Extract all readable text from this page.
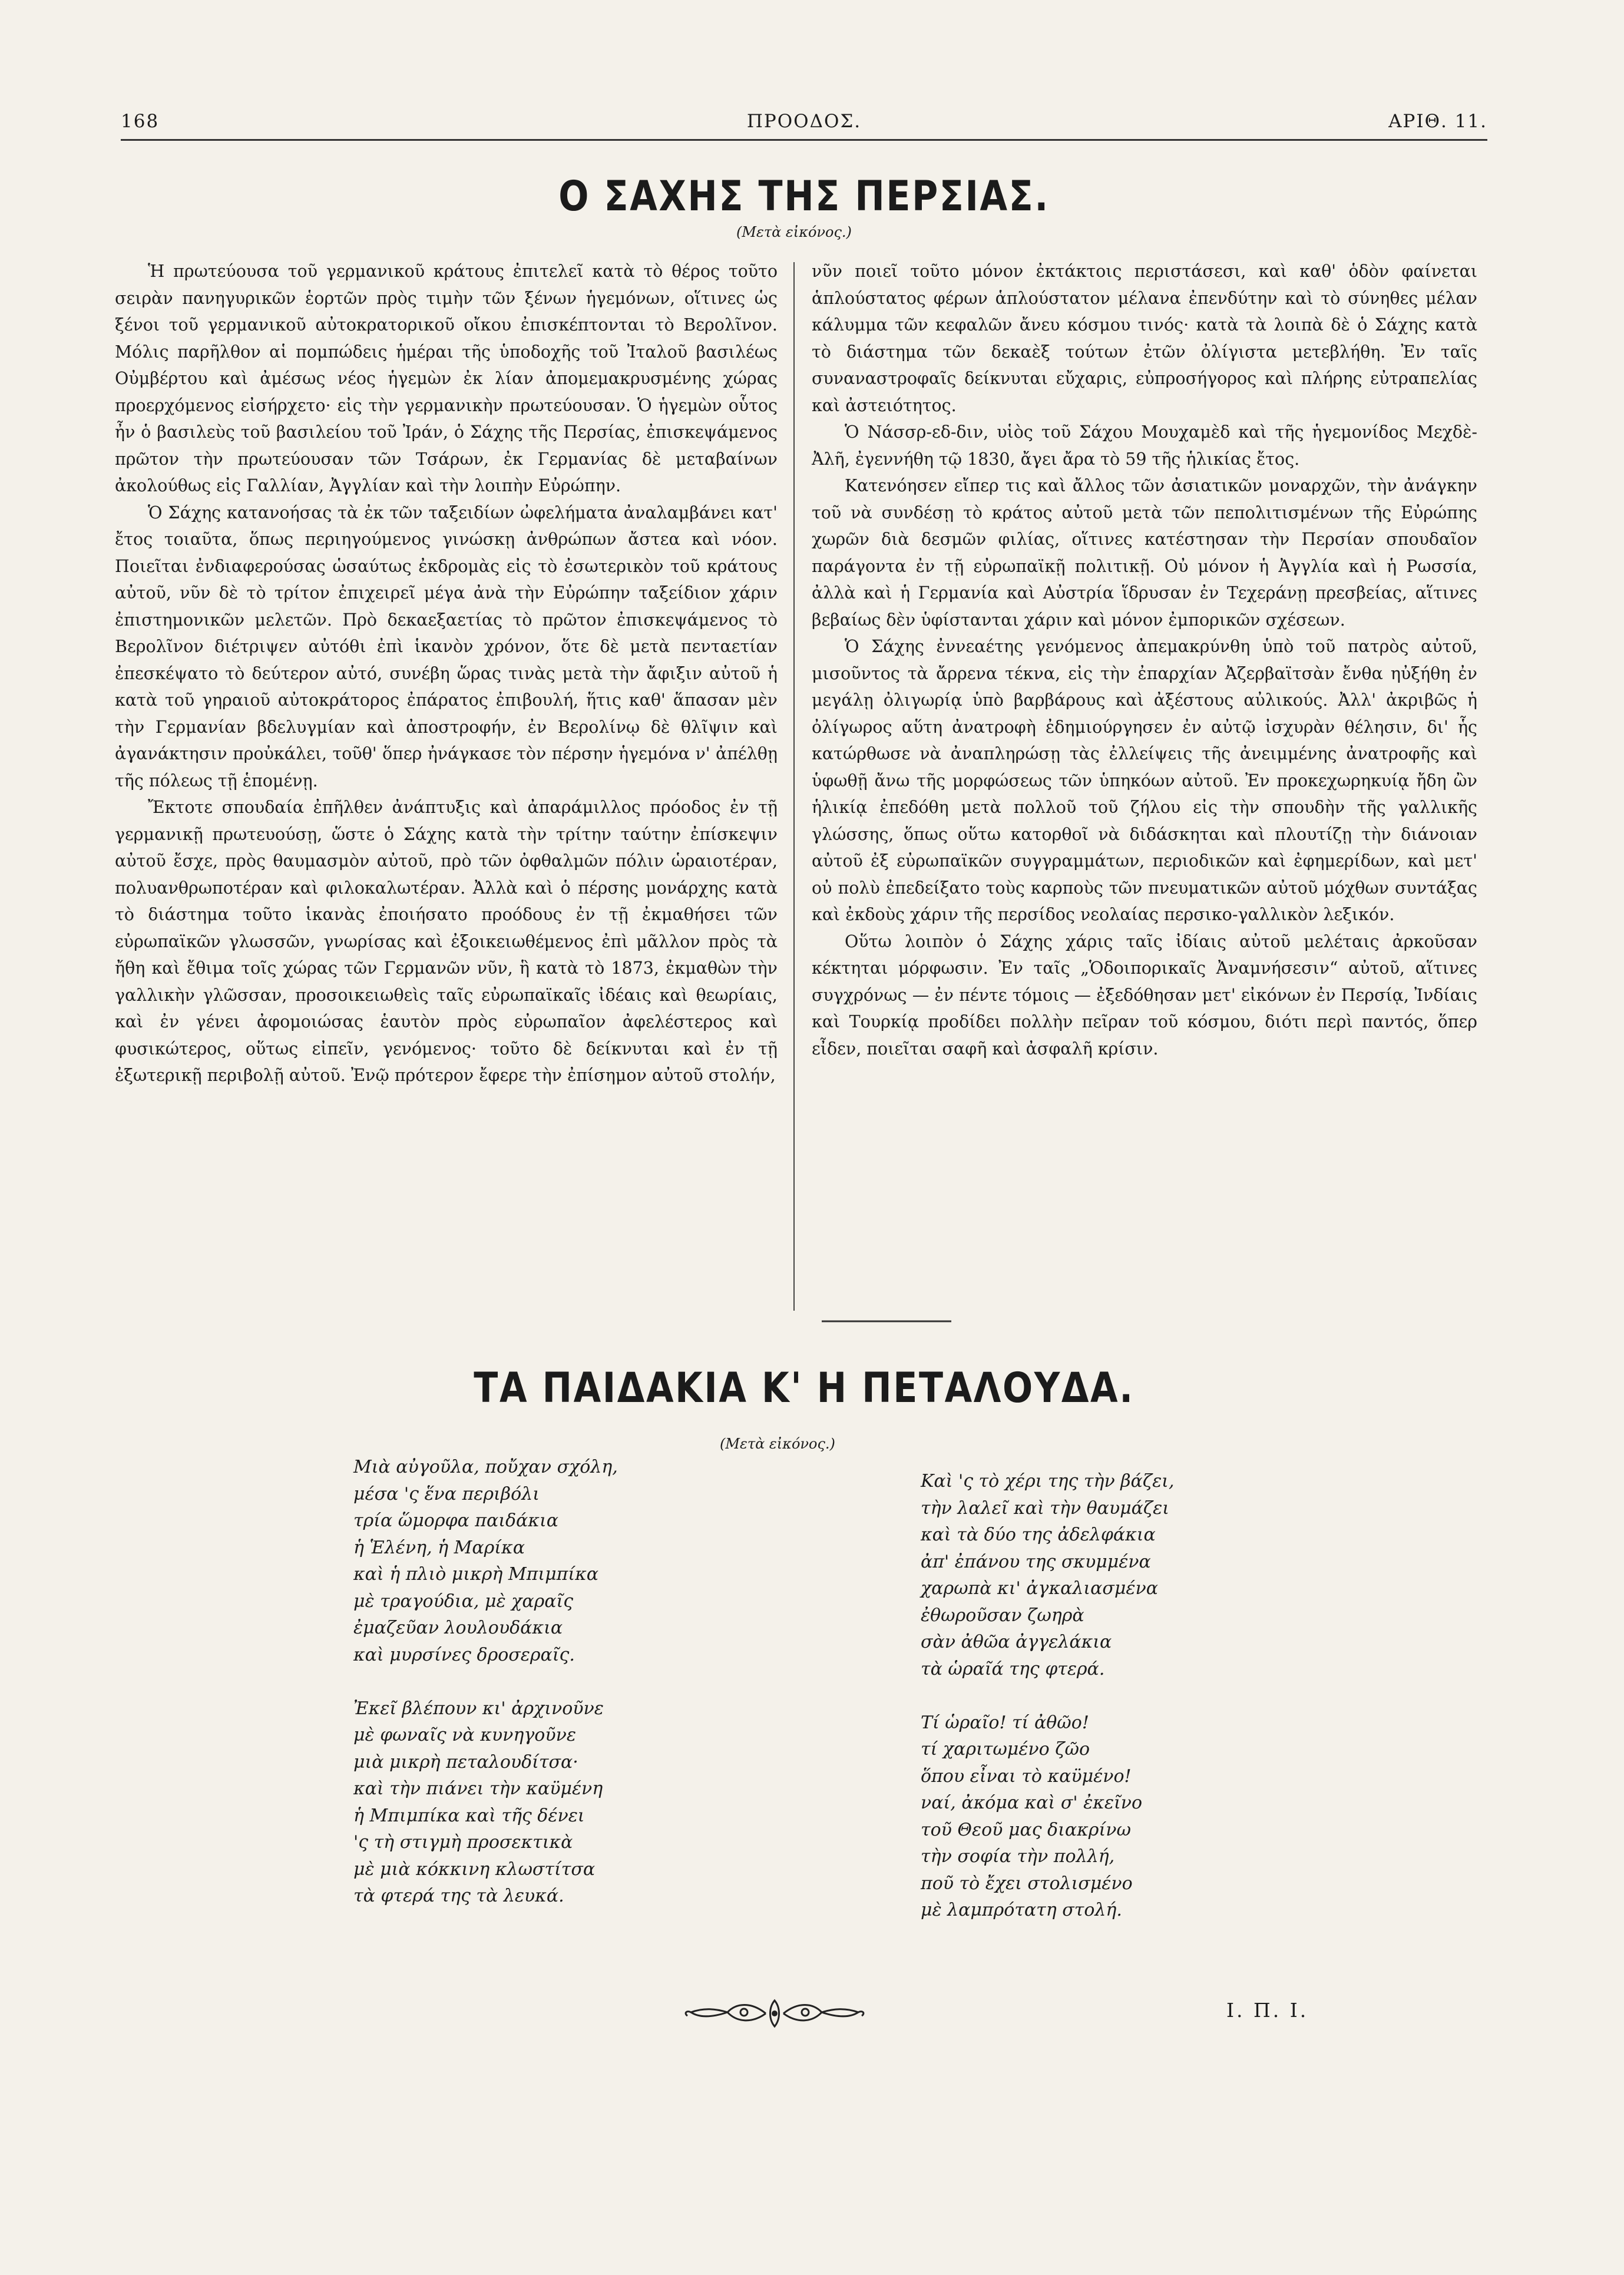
168	ΠΡΟΟΔΟΣ.	ΑΡΙΘ. 11.
Ο ΣΑΧΗΣ ΤΗΣ ΠΕΡΣΙΑΣ.
(Μετὰ εἰκόνος.)

Ἡ πρωτεύουσα τοῦ γερμανικοῦ κράτους ἐπιτελεῖ κατὰ τὸ θέρος τοῦτο σειρὰν πανηγυρικῶν ἑορτῶν πρὸς τιμὴν τῶν ξένων ἡγεμόνων, οἵτινες ὡς ξένοι τοῦ γερμανικοῦ αὐτοκρατορικοῦ οἴκου ἐπισκέπτονται τὸ Βερολῖνον. Μόλις παρῆλθον αἱ πομπώδεις ἡμέραι τῆς ὑποδοχῆς τοῦ Ἰταλοῦ βασιλέως Οὐμβέρτου καὶ ἀμέσως νέος ἡγεμὼν ἐκ λίαν ἀπομεμακρυσμένης χώρας προερχόμενος εἰσήρχετο· εἰς τὴν γερμανικὴν πρωτεύουσαν. Ὁ ἡγεμὼν οὗτος ἦν ὁ βασιλεὺς τοῦ βασιλείου τοῦ Ἰράν, ὁ Σάχης τῆς Περσίας, ἐπισκεψάμενος πρῶτον τὴν πρωτεύουσαν τῶν Τσάρων, ἐκ Γερμανίας δὲ μεταβαίνων ἀκολούθως εἰς Γαλλίαν, Ἀγγλίαν καὶ τὴν λοιπὴν Εὐρώπην.

Ὁ Σάχης κατανοήσας τὰ ἐκ τῶν ταξειδίων ὠφελήματα ἀναλαμβάνει κατ' ἔτος τοιαῦτα, ὅπως περιηγούμενος γινώσκῃ ἀνθρώπων ἄστεα καὶ νόον. Ποιεῖται ἐνδιαφερούσας ὡσαύτως ἐκδρομὰς εἰς τὸ ἐσωτερικὸν τοῦ κράτους αὐτοῦ, νῦν δὲ τὸ τρίτον ἐπιχειρεῖ μέγα ἀνὰ τὴν Εὐρώπην ταξείδιον χάριν ἐπιστημονικῶν μελετῶν. Πρὸ δεκαεξαετίας τὸ πρῶτον ἐπισκεψάμενος τὸ Βερολῖνον διέτριψεν αὐτόθι ἐπὶ ἱκανὸν χρόνον, ὅτε δὲ μετὰ πενταετίαν ἐπεσκέψατο τὸ δεύτερον αὐτό, συνέβη ὥρας τινὰς μετὰ τὴν ἄφιξιν αὐτοῦ ἡ κατὰ τοῦ γηραιοῦ αὐτοκράτορος ἐπάρατος ἐπιβουλή, ἥτις καθ' ἅπασαν μὲν τὴν Γερμανίαν βδελυγμίαν καὶ ἀποστροφήν, ἐν Βερολίνῳ δὲ θλῖψιν καὶ ἀγανάκτησιν προὐκάλει, τοῦθ' ὅπερ ἠνάγκασε τὸν πέρσην ἡγεμόνα ν' ἀπέλθῃ τῆς πόλεως τῇ ἑπομένῃ.

Ἔκτοτε σπουδαία ἐπῆλθεν ἀνάπτυξις καὶ ἀπαράμιλλος πρόοδος ἐν τῇ γερμανικῇ πρωτευούσῃ, ὥστε ὁ Σάχης κατὰ τὴν τρίτην ταύτην ἐπίσκεψιν αὐτοῦ ἔσχε, πρὸς θαυμασμὸν αὐτοῦ, πρὸ τῶν ὀφθαλμῶν πόλιν ὡραιοτέραν, πολυανθρωποτέραν καὶ φιλοκαλωτέραν. Ἀλλὰ καὶ ὁ πέρσης μονάρχης κατὰ τὸ διάστημα τοῦτο ἱκανὰς ἐποιήσατο προόδους ἐν τῇ ἐκμαθήσει τῶν εὐρωπαϊκῶν γλωσσῶν, γνωρίσας καὶ ἐξοικειωθέμενος ἐπὶ μᾶλλον πρὸς τὰ ἤθη καὶ ἔθιμα τοῖς χώρας τῶν Γερμανῶν νῦν, ἣ κατὰ τὸ 1873, ἐκμαθὼν τὴν γαλλικὴν γλῶσσαν, προσοικειωθεὶς ταῖς εὐρωπαϊκαῖς ἰδέαις καὶ θεωρίαις, καὶ ἐν γένει ἀφομοιώσας ἑαυτὸν πρὸς εὐρωπαῖον ἀφελέστερος καὶ φυσικώτερος, οὕτως εἰπεῖν, γενόμενος· τοῦτο δὲ δείκνυται καὶ ἐν τῇ ἐξωτερικῇ περιβολῇ αὐτοῦ. Ἐνῷ πρότερον ἔφερε τὴν ἐπίσημον αὐτοῦ στολήν,

νῦν ποιεῖ τοῦτο μόνον ἐκτάκτοις περιστάσεσι, καὶ καθ' ὁδὸν φαίνεται ἁπλούστατος φέρων ἁπλούστατον μέλανα ἐπενδύτην καὶ τὸ σύνηθες μέλαν κάλυμμα τῶν κεφαλῶν ἄνευ κόσμου τινός· κατὰ τὰ λοιπὰ δὲ ὁ Σάχης κατὰ τὸ διάστημα τῶν δεκαὲξ τούτων ἐτῶν ὀλίγιστα μετεβλήθη. Ἐν ταῖς συναναστροφαῖς δείκνυται εὔχαρις, εὐπροσήγορος καὶ πλήρης εὐτραπελίας καὶ ἀστειότητος.

Ὁ Νάσσρ-εδ-διν, υἱὸς τοῦ Σάχου Μουχαμὲδ καὶ τῆς ἡγεμονίδος Μεχδὲ-Ἀλῆ, ἐγεννήθη τῷ 1830, ἄγει ἄρα τὸ 59 τῆς ἡλικίας ἔτος.

Κατενόησεν εἴπερ τις καὶ ἄλλος τῶν ἀσιατικῶν μοναρχῶν, τὴν ἀνάγκην τοῦ νὰ συνδέσῃ τὸ κράτος αὐτοῦ μετὰ τῶν πεπολιτισμένων τῆς Εὐρώπης χωρῶν διὰ δεσμῶν φιλίας, οἵτινες κατέστησαν τὴν Περσίαν σπουδαῖον παράγοντα ἐν τῇ εὐρωπαϊκῇ πολιτικῇ. Οὐ μόνον ἡ Ἀγγλία καὶ ἡ Ρωσσία, ἀλλὰ καὶ ἡ Γερμανία καὶ Αὐστρία ἵδρυσαν ἐν Τεχεράνῃ πρεσβείας, αἵτινες βεβαίως δὲν ὑφίστανται χάριν καὶ μόνον ἐμπορικῶν σχέσεων.

Ὁ Σάχης ἐννεαέτης γενόμενος ἀπεμακρύνθη ὑπὸ τοῦ πατρὸς αὐτοῦ, μισοῦντος τὰ ἄρρενα τέκνα, εἰς τὴν ἐπαρχίαν Ἀζερβαϊτσὰν ἔνθα ηὐξήθη ἐν μεγάλῃ ὀλιγωρίᾳ ὑπὸ βαρβάρους καὶ ἀξέστους αὐλικούς. Ἀλλ' ἀκριβῶς ἡ ὀλίγωρος αὕτη ἀνατροφὴ ἐδημιούργησεν ἐν αὐτῷ ἰσχυρὰν θέλησιν, δι' ἧς κατώρθωσε νὰ ἀναπληρώσῃ τὰς ἐλλείψεις τῆς ἀνειμμένης ἀνατροφῆς καὶ ὑφωθῇ ἄνω τῆς μορφώσεως τῶν ὑπηκόων αὐτοῦ. Ἐν προκεχωρηκυίᾳ ἤδη ὢν ἡλικίᾳ ἐπεδόθη μετὰ πολλοῦ τοῦ ζήλου εἰς τὴν σπουδὴν τῆς γαλλικῆς γλώσσης, ὅπως οὕτω κατορθοῖ νὰ διδάσκηται καὶ πλουτίζῃ τὴν διάνοιαν αὐτοῦ ἐξ εὐρωπαϊκῶν συγγραμμάτων, περιοδικῶν καὶ ἐφημερίδων, καὶ μετ' οὐ πολὺ ἐπεδείξατο τοὺς καρποὺς τῶν πνευματικῶν αὐτοῦ μόχθων συντάξας καὶ ἐκδοὺς χάριν τῆς περσίδος νεολαίας περσικο-γαλλικὸν λεξικόν.

Οὕτω λοιπὸν ὁ Σάχης χάρις ταῖς ἰδίαις αὐτοῦ μελέταις ἀρκοῦσαν κέκτηται μόρφωσιν. Ἐν ταῖς „Ὁδοιπορικαῖς Ἀναμνήσεσιν“ αὐτοῦ, αἵτινες συγχρόνως — ἐν πέντε τόμοις — ἐξεδόθησαν μετ' εἰκόνων ἐν Περσίᾳ, Ἰνδίαις καὶ Τουρκίᾳ προδίδει πολλὴν πεῖραν τοῦ κόσμου, διότι περὶ παντός, ὅπερ εἶδεν, ποιεῖται σαφῆ καὶ ἀσφαλῆ κρίσιν.

ΤΑ ΠΑΙΔΑΚΙΑ Κ' Η ΠΕΤΑΛΟΥΔΑ.
(Μετὰ εἰκόνος.)
Μιὰ αὐγοῦλα, ποὔχαν σχόλη,
μέσα 'ς ἕνα περιβόλι
τρία ὥμορφα παιδάκια
ἡ Ἑλένη, ἡ Μαρίκα
καὶ ἡ πλιὸ μικρὴ Μπιμπίκα
μὲ τραγούδια, μὲ χαραῖς
ἐμαζεῦαν λουλουδάκια
καὶ μυρσίνες δροσεραῖς.
Ἐκεῖ βλέπουν κι' ἀρχινοῦνε
μὲ φωναῖς νὰ κυνηγοῦνε
μιὰ μικρὴ πεταλουδίτσα·
καὶ τὴν πιάνει τὴν καϋμένη
ἡ Μπιμπίκα καὶ τῆς δένει
'ς τὴ στιγμὴ προσεκτικὰ
μὲ μιὰ κόκκινη κλωστίτσα
τὰ φτερά της τὰ λευκά.
Καὶ 'ς τὸ χέρι της τὴν βάζει,
τὴν λαλεῖ καὶ τὴν θαυμάζει
καὶ τὰ δύο της ἀδελφάκια
ἀπ' ἐπάνου της σκυμμένα
χαρωπὰ κι' ἀγκαλιασμένα
ἐθωροῦσαν ζωηρὰ
σὰν ἀθῶα ἀγγελάκια
τὰ ὡραῖά της φτερά.
Τί ὡραῖο! τί ἀθῶο!
τί χαριτωμένο ζῶο
ὅπου εἶναι τὸ καϋμένο!
ναί, ἀκόμα καὶ σ' ἐκεῖνο
τοῦ Θεοῦ μας διακρίνω
τὴν σοφία τὴν πολλή,
ποῦ τὸ ἔχει στολισμένο
μὲ λαμπρότατη στολή.
I. Π. I.
